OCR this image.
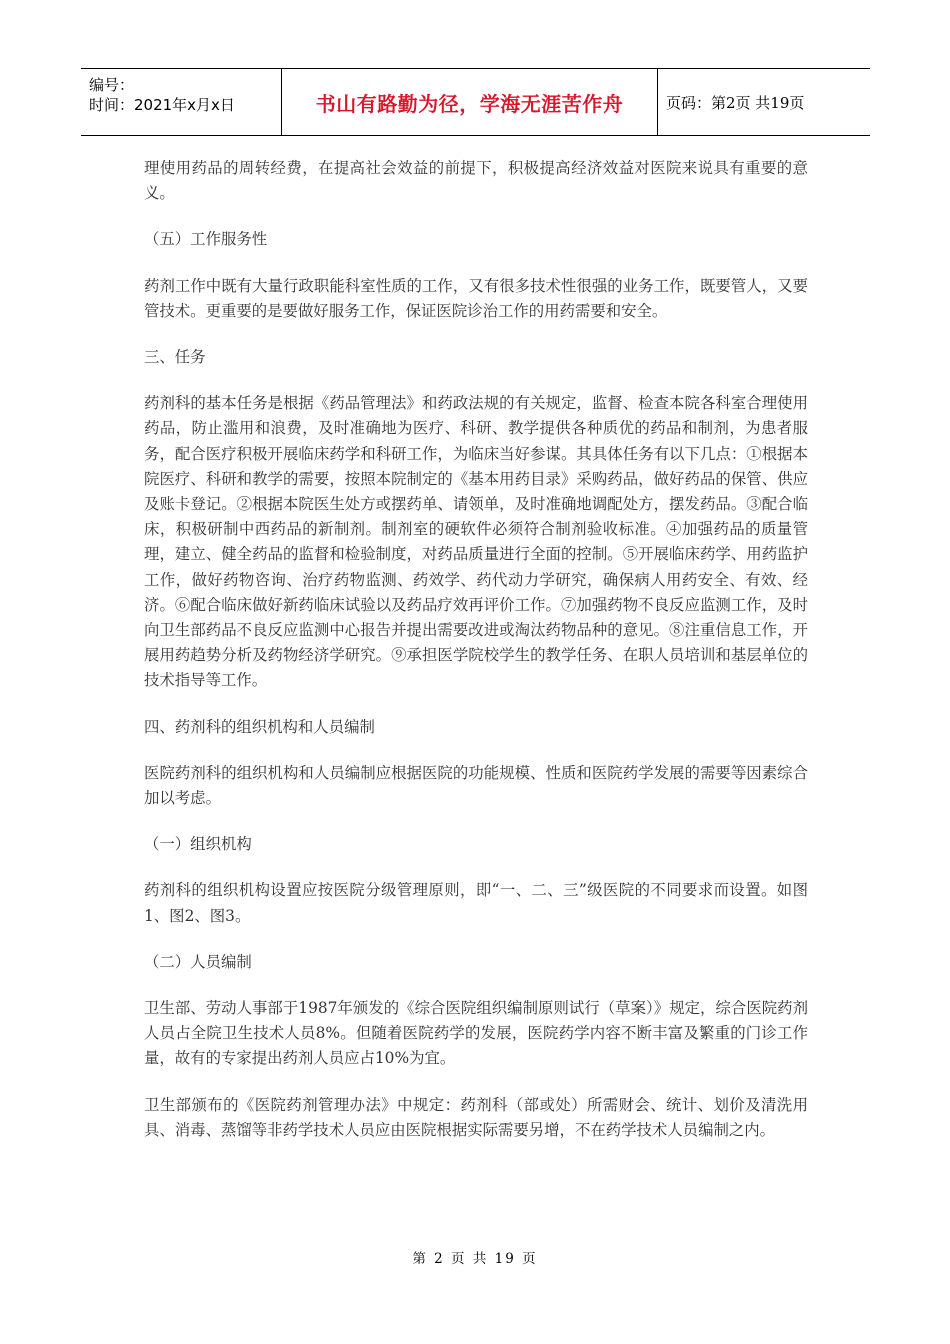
编号：
时间：2021年x月x日	书山有路勤为径，学海无涯苦作舟	页码：第2页 共19页

理使用药品的周转经费，在提高社会效益的前提下，积极提高经济效益对医院来说具有重要的意义。

（五）工作服务性

药剂工作中既有大量行政职能科室性质的工作，又有很多技术性很强的业务工作，既要管人，又要管技术。更重要的是要做好服务工作，保证医院诊治工作的用药需要和安全。

三、任务

药剂科的基本任务是根据《药品管理法》和药政法规的有关规定，监督、检查本院各科室合理使用药品，防止滥用和浪费，及时准确地为医疗、科研、教学提供各种质优的药品和制剂，为患者服务，配合医疗积极开展临床药学和科研工作，为临床当好参谋。其具体任务有以下几点：①根据本院医疗、科研和教学的需要，按照本院制定的《基本用药目录》采购药品，做好药品的保管、供应及账卡登记。②根据本院医生处方或摆药单、请领单，及时准确地调配处方，摆发药品。③配合临床，积极研制中西药品的新制剂。制剂室的硬软件必须符合制剂验收标准。④加强药品的质量管理，建立、健全药品的监督和检验制度，对药品质量进行全面的控制。⑤开展临床药学、用药监护工作，做好药物咨询、治疗药物监测、药效学、药代动力学研究，确保病人用药安全、有效、经济。⑥配合临床做好新药临床试验以及药品疗效再评价工作。⑦加强药物不良反应监测工作，及时向卫生部药品不良反应监测中心报告并提出需要改进或淘汰药物品种的意见。⑧注重信息工作，开展用药趋势分析及药物经济学研究。⑨承担医学院校学生的教学任务、在职人员培训和基层单位的技术指导等工作。

四、药剂科的组织机构和人员编制

医院药剂科的组织机构和人员编制应根据医院的功能规模、性质和医院药学发展的需要等因素综合加以考虑。

（一）组织机构

药剂科的组织机构设置应按医院分级管理原则，即“一、二、三”级医院的不同要求而设置。如图1、图2、图3。

（二）人员编制

卫生部、劳动人事部于1987年颁发的《综合医院组织编制原则试行（草案）》规定，综合医院药剂人员占全院卫生技术人员8%。但随着医院药学的发展，医院药学内容不断丰富及繁重的门诊工作量，故有的专家提出药剂人员应占10%为宜。

卫生部颁布的《医院药剂管理办法》中规定：药剂科（部或处）所需财会、统计、划价及清洗用具、消毒、蒸馏等非药学技术人员应由医院根据实际需要另增，不在药学技术人员编制之内。

第 2 页 共 19 页
